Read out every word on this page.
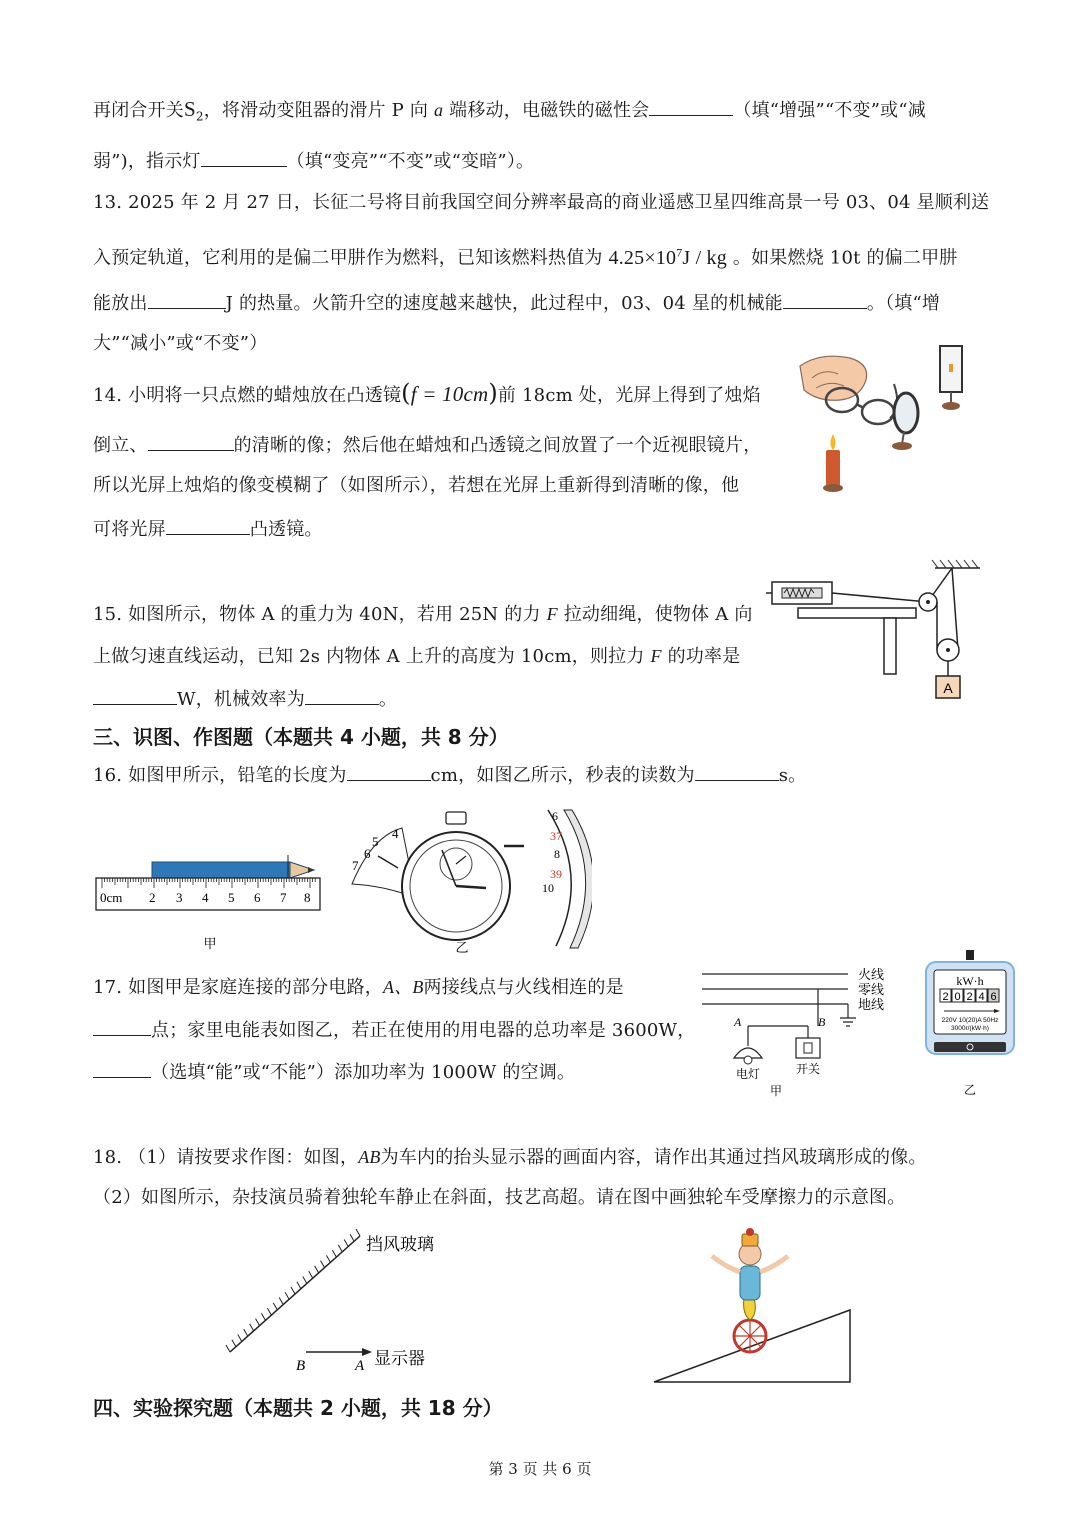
再闭合开关$S_2$，将滑动变阻器的滑片 P 向 a 端移动，电磁铁的磁性会	（填“增强”“不变”或“减
弱”)，指示灯	（填“变亮”“不变”或“变暗”）。
13. 2025 年 2 月 27 日，长征二号将目前我国空间分辨率最高的商业遥感卫星四维高景一号 03、04 星顺利送
入预定轨道，它利用的是偏二甲肼作为燃料，已知该燃料热值为 $4.25\times 10^7J$ / kg 。如果燃烧 10t 的偏二甲肼
能放出	J 的热量。火箭升空的速度越来越快，此过程中，03、04 星的机械能	。（填“增
大”“减小”或“不变”）
14. 小明将一只点燃的蜡烛放在凸透镜(f = 10cm)前 18cm 处，光屏上得到了烛焰
倒立、	的清晰的像；然后他在蜡烛和凸透镜之间放置了一个近视眼镜片，
所以光屏上烛焰的像变模糊了（如图所示），若想在光屏上重新得到清晰的像，他
可将光屏	凸透镜。
15. 如图所示，物体 A 的重力为 40N，若用 25N 的力 F 拉动细绳，使物体 A 向
上做匀速直线运动，已知 2s 内物体 A 上升的高度为 10cm，则拉力 F 的功率是
W，机械效率为	。
A
三、识图、作图题（本题共 4 小题，共 8 分）
16. 如图甲所示，铅笔的长度为	cm，如图乙所示，秒表的读数为	s。
0cm 2 3 4 5 6 7 8
甲
4
5
6
7
6
37
8
39
10
乙
17. 如图甲是家庭连接的部分电路，A、B两接线点与火线相连的是
点；家里电能表如图乙，若正在使用的用电器的总功率是 3600W，
（选填“能”或“不能”）添加功率为 1000W 的空调。
火线
零线
地线
A	B
电灯	开关
甲
kW·h
2 0 2 4 6
220V 10(20)A 50Hz
3000r/(kW·h)
乙
18. （1）请按要求作图：如图，AB为车内的抬头显示器的画面内容，请作出其通过挡风玻璃形成的像。
（2）如图所示，杂技演员骑着独轮车静止在斜面，技艺高超。请在图中画独轮车受摩擦力的示意图。
挡风玻璃
B	A 显示器
四、实验探究题（本题共 2 小题，共 18 分）
第 3 页 共 6 页
